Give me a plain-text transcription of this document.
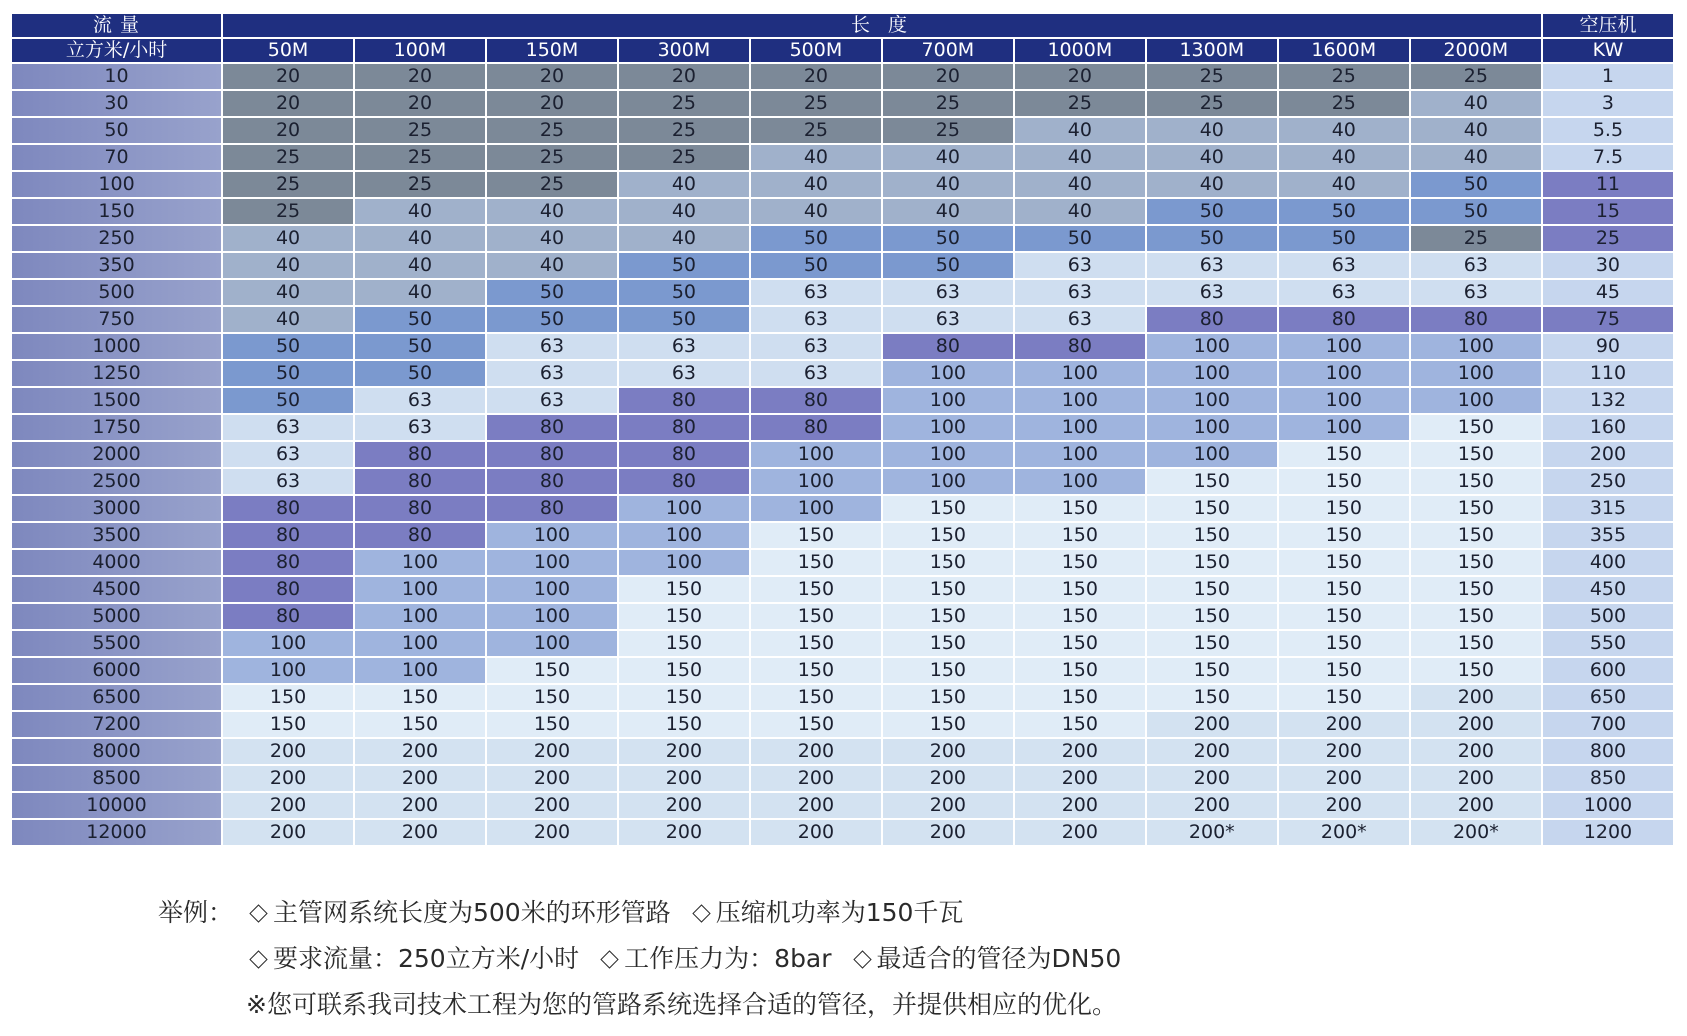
流 量	长 度										空压机
立方米/小时	50M	100M	150M	300M	500M	700M	1000M	1300M	1600M	2000M	KW
10	20	20	20	20	20	20	20	25	25	25	1
30	20	20	20	25	25	25	25	25	25	40	3
50	20	25	25	25	25	25	40	40	40	40	5.5
70	25	25	25	25	40	40	40	40	40	40	7.5
100	25	25	25	40	40	40	40	40	40	50	11
150	25	40	40	40	40	40	40	50	50	50	15
250	40	40	40	40	50	50	50	50	50	25	25
350	40	40	40	50	50	50	63	63	63	63	30
500	40	40	50	50	63	63	63	63	63	63	45
750	40	50	50	50	63	63	63	80	80	80	75
1000	50	50	63	63	63	80	80	100	100	100	90
1250	50	50	63	63	63	100	100	100	100	100	110
1500	50	63	63	80	80	100	100	100	100	100	132
1750	63	63	80	80	80	100	100	100	100	150	160
2000	63	80	80	80	100	100	100	100	150	150	200
2500	63	80	80	80	100	100	100	150	150	150	250
3000	80	80	80	100	100	150	150	150	150	150	315
3500	80	80	100	100	150	150	150	150	150	150	355
4000	80	100	100	100	150	150	150	150	150	150	400
4500	80	100	100	150	150	150	150	150	150	150	450
5000	80	100	100	150	150	150	150	150	150	150	500
5500	100	100	100	150	150	150	150	150	150	150	550
6000	100	100	150	150	150	150	150	150	150	150	600
6500	150	150	150	150	150	150	150	150	150	200	650
7200	150	150	150	150	150	150	150	200	200	200	700
8000	200	200	200	200	200	200	200	200	200	200	800
8500	200	200	200	200	200	200	200	200	200	200	850
10000	200	200	200	200	200	200	200	200	200	200	1000
12000	200	200	200	200	200	200	200	200*	200*	200*	1200
举例：	主管网系统长度为500米的环形管路 压缩机功率为150千瓦
要求流量：250立方米/小时 工作压力为：8bar 最适合的管径为DN50
※您可联系我司技术工程为您的管路系统选择合适的管径，并提供相应的优化。
